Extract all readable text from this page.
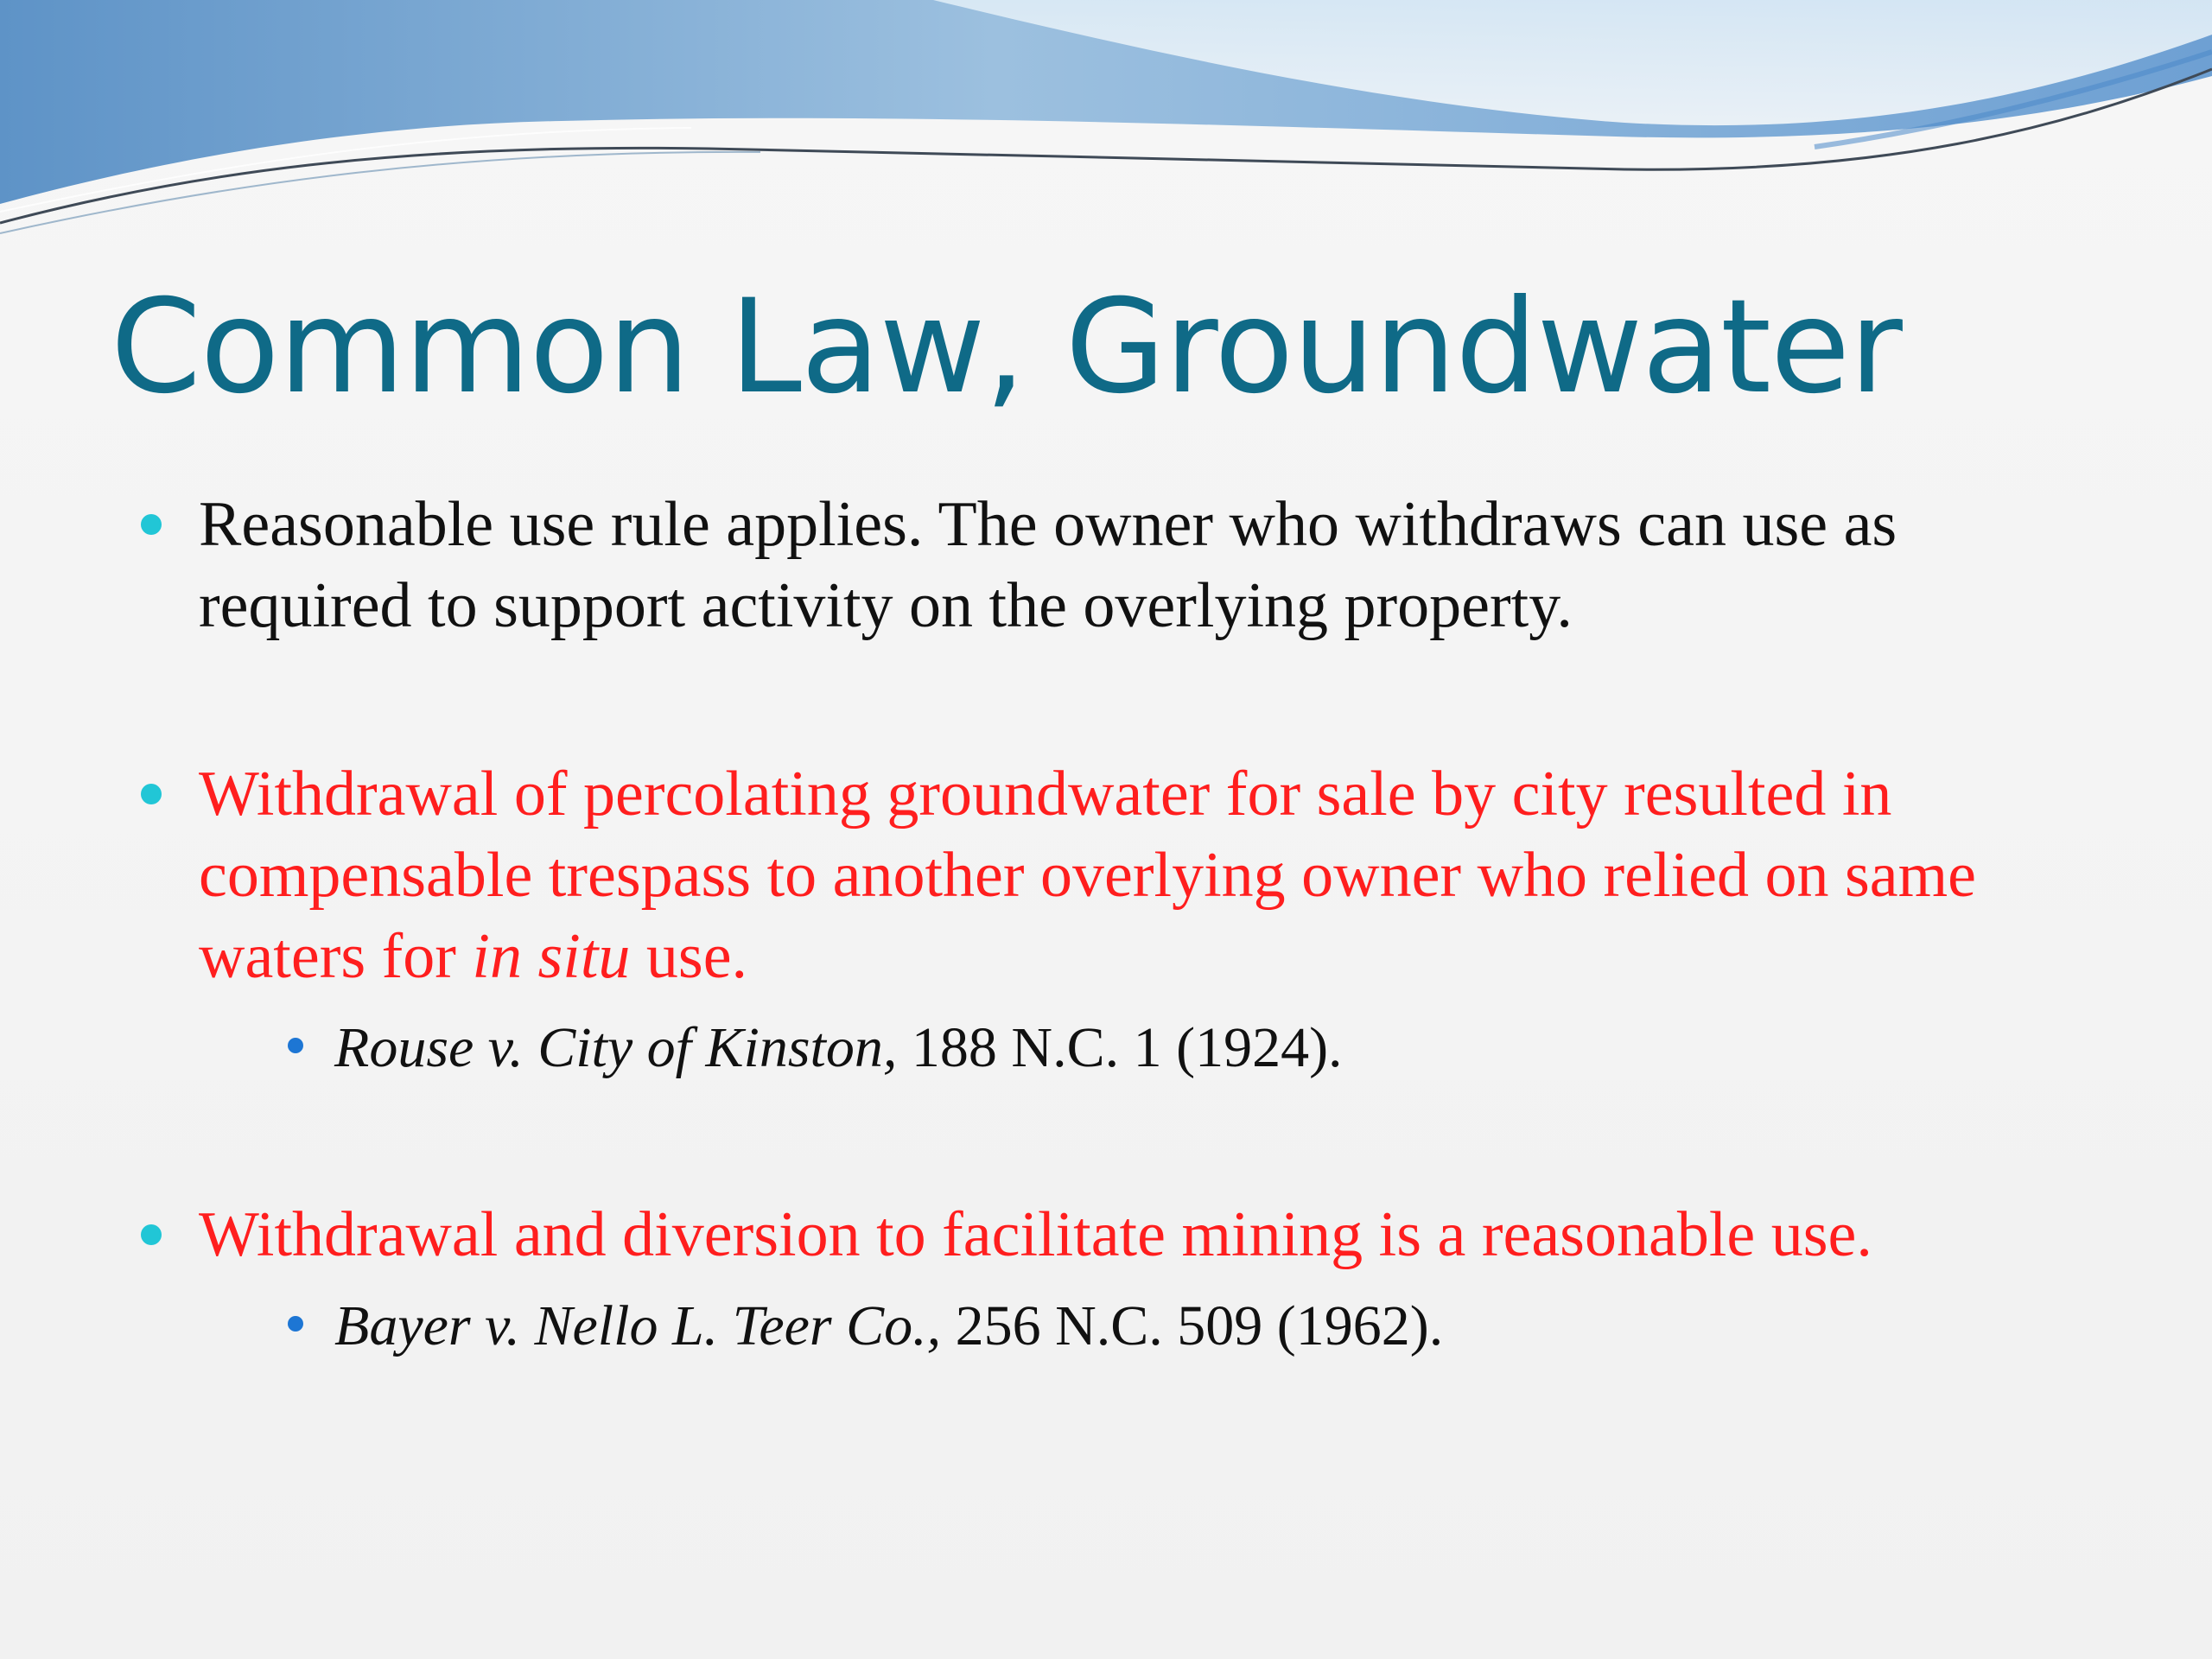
Common Law, Groundwater
Reasonable use rule applies. The owner who withdraws can use as required to support activity on the overlying property.
Withdrawal of percolating groundwater for sale by city resulted in compensable trespass to another overlying owner who relied on same waters for in situ use.
Rouse v. City of Kinston, 188 N.C. 1 (1924).
Withdrawal and diversion to facilitate mining is a reasonable use.
Bayer v. Nello L. Teer Co., 256 N.C. 509 (1962).
